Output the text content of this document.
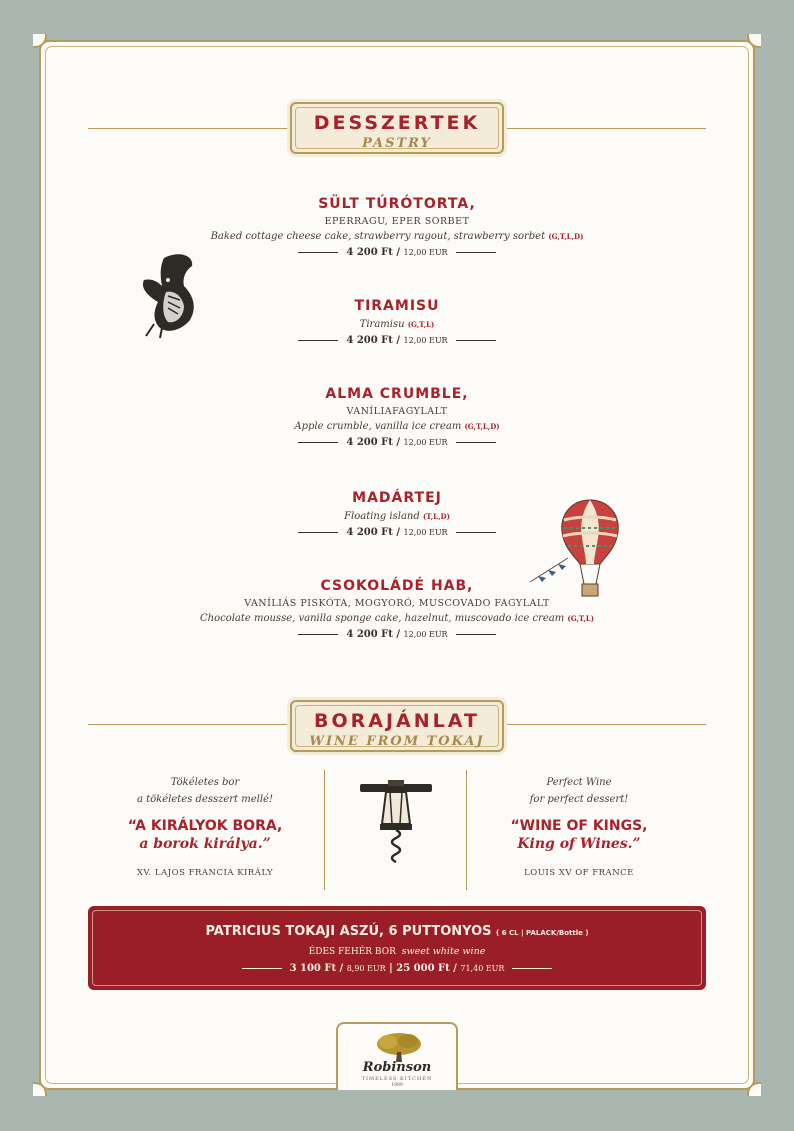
DESSZERTEK
PASTRY
SÜLT TÚRÓTORTA,
EPERRAGU, EPER SORBET
Baked cottage cheese cake, strawberry ragout, strawberry sorbet (G,T,L,D)
4 200 Ft / 12,00 EUR
TIRAMISU
Tiramisu (G,T,L)
4 200 Ft / 12,00 EUR
ALMA CRUMBLE,
VANÍLIAFAGYLALT
Apple crumble, vanilla ice cream (G,T,L,D)
4 200 Ft / 12,00 EUR
MADÁRTEJ
Floating island (T,L,D)
4 200 Ft / 12,00 EUR
CSOKOLÁDÉ HAB,
VANÍLIÁS PISKÓTA, MOGYORÓ, MUSCOVADO FAGYLALT
Chocolate mousse, vanilla sponge cake, hazelnut, muscovado ice cream (G,T,L)
4 200 Ft / 12,00 EUR
BORAJÁNLAT
WINE FROM TOKAJ
Tökéletes bor
a tökéletes desszert mellé!
“A KIRÁLYOK BORA,
a borok királya.”
XV. LAJOS FRANCIA KIRÁLY
Perfect Wine
for perfect dessert!
“WINE OF KINGS,
King of Wines.”
LOUIS XV OF FRANCE
PATRICIUS TOKAJI ASZÚ, 6 PUTTONYOS ( 6 CL | PALACK/Bottle )
ÉDES FEHÉR BOR sweet white wine
3 100 Ft /
8,90 EUR
|
25 000 Ft /
71,40 EUR
Robinson
TIMELESS KITCHEN
1989
